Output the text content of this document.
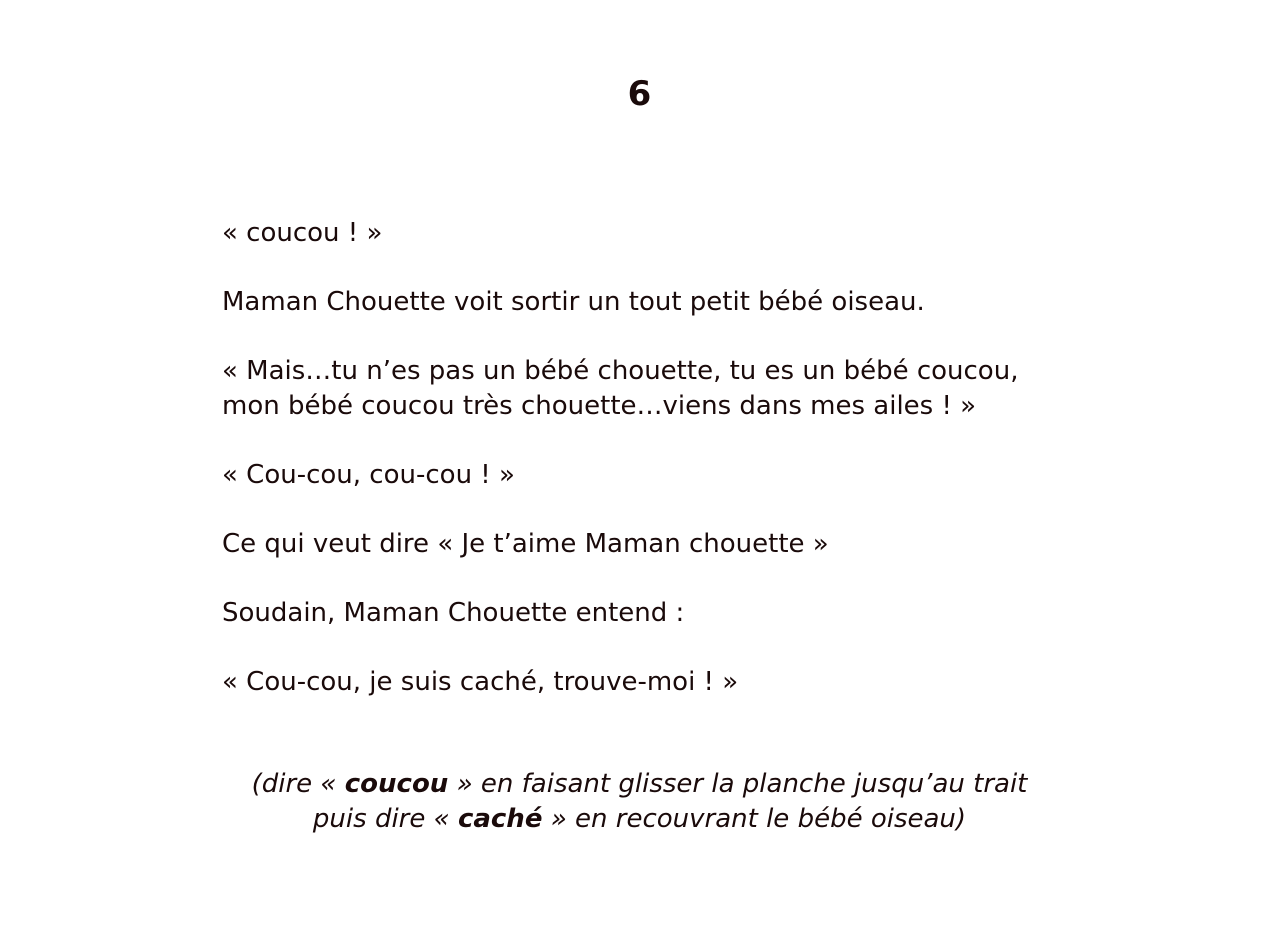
6

« coucou ! »

Maman Chouette voit sortir un tout petit bébé oiseau.

« Mais…tu n’es pas un bébé chouette, tu es un bébé coucou,
mon bébé coucou très chouette…viens dans mes ailes ! »

« Cou-cou, cou-cou ! »

Ce qui veut dire « Je t’aime Maman chouette »

Soudain, Maman Chouette entend :

« Cou-cou, je suis caché, trouve-moi ! »

(dire « coucou » en faisant glisser la planche jusqu’au trait
puis dire « caché » en recouvrant le bébé oiseau)
